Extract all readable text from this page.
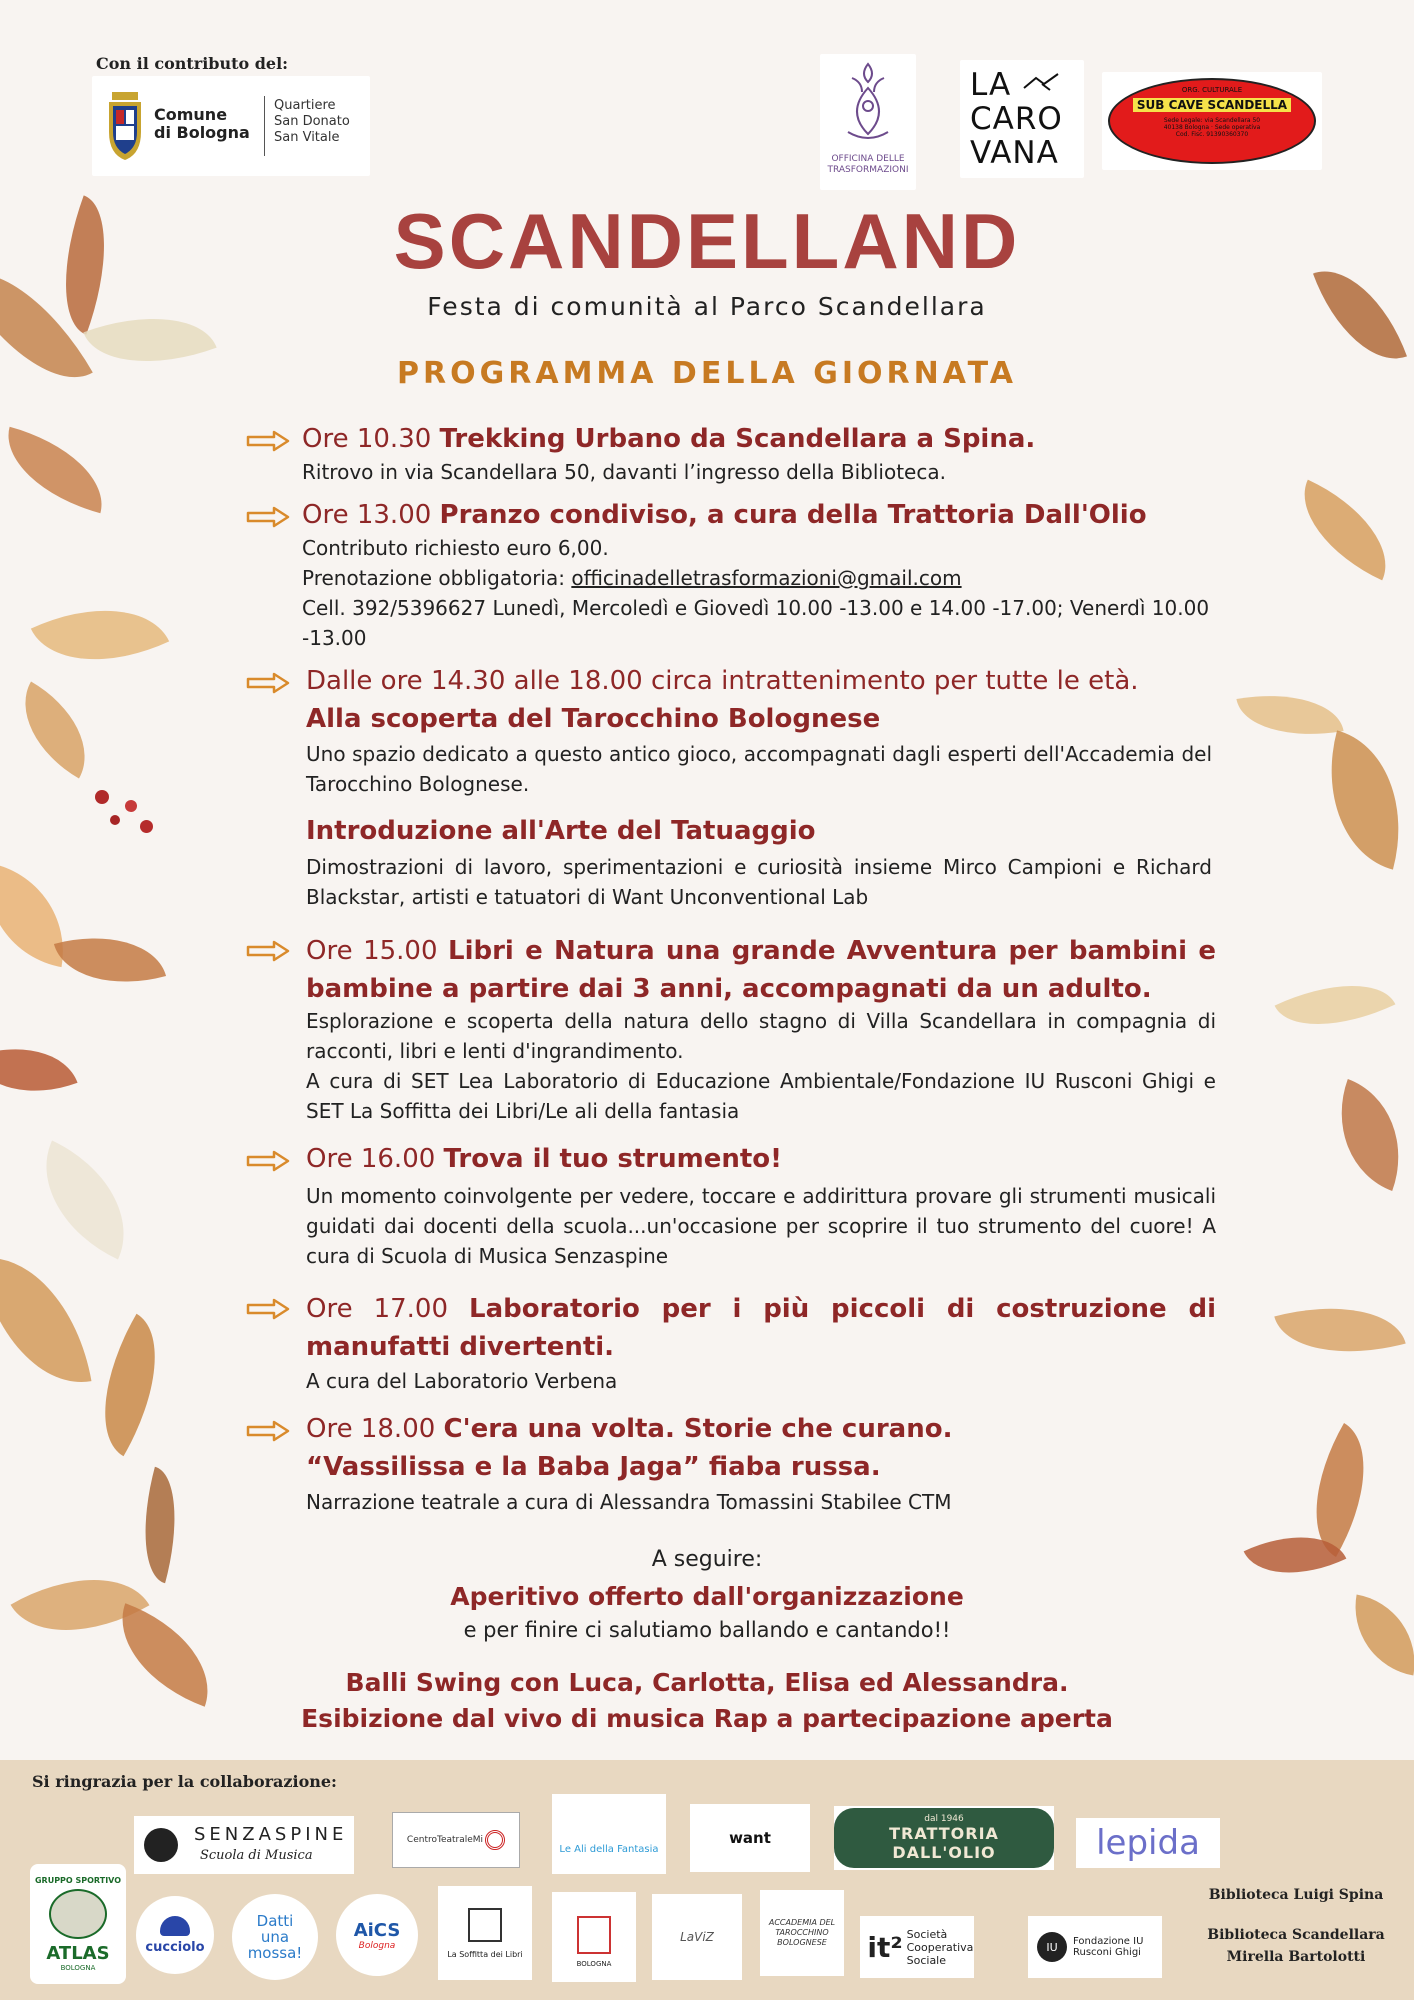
Con il contributo del:
Comune
di Bologna
Quartiere
San Donato
San Vitale
OFFICINA DELLE
TRASFORMAZIONI
LA
CARO
VANA
ORG. CULTURALE
SUB CAVE SCANDELLA
Sede Legale: via Scandellara 50
40138 Bologna · Sede operativa
Cod. Fisc. 91390360370
SCANDELLAND
Festa di comunità al Parco Scandellara
PROGRAMMA DELLA GIORNATA
Ore 10.30 Trekking Urbano da Scandellara a Spina.
Ritrovo in via Scandellara 50, davanti l’ingresso della Biblioteca.
Ore 13.00 Pranzo condiviso, a cura della Trattoria Dall'Olio
Contributo richiesto euro 6,00.
Prenotazione obbligatoria: officinadelletrasformazioni@gmail.com
Cell. 392/5396627 Lunedì, Mercoledì e Giovedì 10.00 -13.00 e 14.00 -17.00; Venerdì 10.00 -13.00
Dalle ore 14.30 alle 18.00 circa intrattenimento per tutte le età.
Alla scoperta del Tarocchino Bolognese
Uno spazio dedicato a questo antico gioco, accompagnati dagli esperti dell'Accademia del Tarocchino Bolognese.
Introduzione all'Arte del Tatuaggio
Dimostrazioni di lavoro, sperimentazioni e curiosità insieme Mirco Campioni e Richard Blackstar, artisti e tatuatori di Want Unconventional Lab
Ore 15.00 Libri e Natura una grande Avventura per bambini e bambine a partire dai 3 anni, accompagnati da un adulto.
Esplorazione e scoperta della natura dello stagno di Villa Scandellara in compagnia di racconti, libri e lenti d'ingrandimento.
A cura di SET Lea Laboratorio di Educazione Ambientale/Fondazione IU Rusconi Ghigi e SET La Soffitta dei Libri/Le ali della fantasia
Ore 16.00 Trova il tuo strumento!
Un momento coinvolgente per vedere, toccare e addirittura provare gli strumenti musicali guidati dai docenti della scuola...un'occasione per scoprire il tuo strumento del cuore! A cura di Scuola di Musica Senzaspine
Ore 17.00 Laboratorio per i più piccoli di costruzione di manufatti divertenti.
A cura del Laboratorio Verbena
Ore 18.00 C'era una volta. Storie che curano.
“Vassilissa e la Baba Jaga” fiaba russa.
Narrazione teatrale a cura di Alessandra Tomassini Stabilee CTM
A seguire:
Aperitivo offerto dall'organizzazione
e per finire ci salutiamo ballando e cantando!!
Balli Swing con Luca, Carlotta, Elisa ed Alessandra.
Esibizione dal vivo di musica Rap a partecipazione aperta
Si ringrazia per la collaborazione:
SENZASPINE
Scuola di Musica
CentroTeatraleMi
Le Ali della Fantasia
want
dal 1946
TRATTORIA DALL'OLIO	lepida
GRUPPO SPORTIVO
ATLAS
BOLOGNA
cucciolo
Datti una mossa!
AiCS
Bologna
La Soffitta dei Libri
BOLOGNA
LaViZ
ACCADEMIA DEL TAROCCHINO BOLOGNESE	it² Società Cooperativa Sociale
IU	Fondazione IU Rusconi Ghigi
Biblioteca Luigi Spina
Biblioteca Scandellara
Mirella Bartolotti
